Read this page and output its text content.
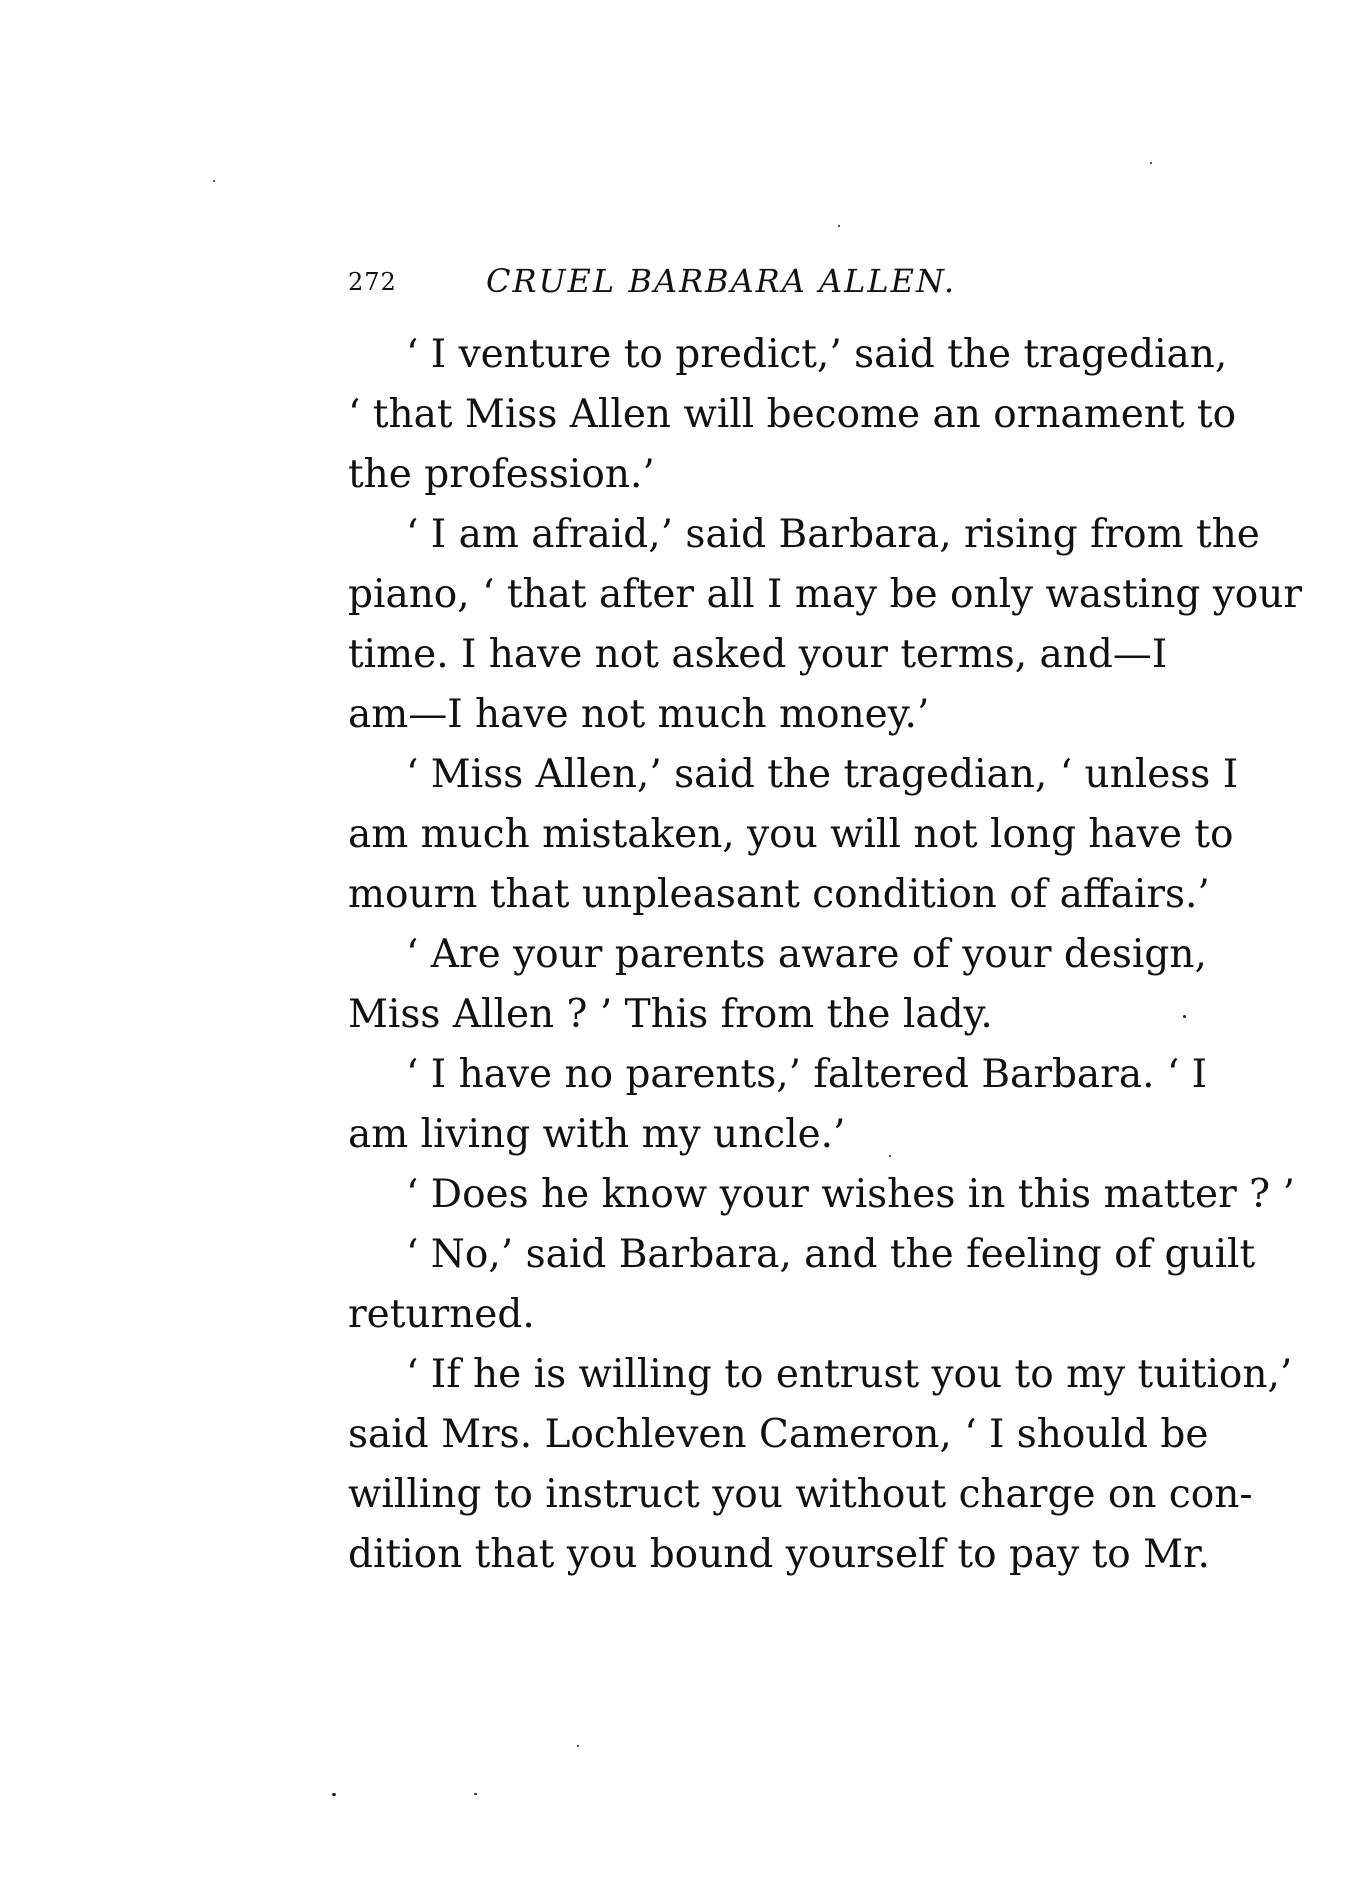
272	CRUEL BARBARA ALLEN.
‘ I venture to predict,’ said the tragedian,
‘ that Miss Allen will become an ornament to
the profession.’
‘ I am afraid,’ said Barbara, rising from the
piano, ‘ that after all I may be only wasting your
time. I have not asked your terms, and—I
am—I have not much money.’
‘ Miss Allen,’ said the tragedian, ‘ unless I
am much mistaken, you will not long have to
mourn that unpleasant condition of affairs.’
‘ Are your parents aware of your design,
Miss Allen ? ’ This from the lady.
‘ I have no parents,’ faltered Barbara. ‘ I
am living with my uncle.’
‘ Does he know your wishes in this matter ? ’
‘ No,’ said Barbara, and the feeling of guilt
returned.
‘ If he is willing to entrust you to my tuition,’
said Mrs. Lochleven Cameron, ‘ I should be
willing to instruct you without charge on con-
dition that you bound yourself to pay to Mr.
